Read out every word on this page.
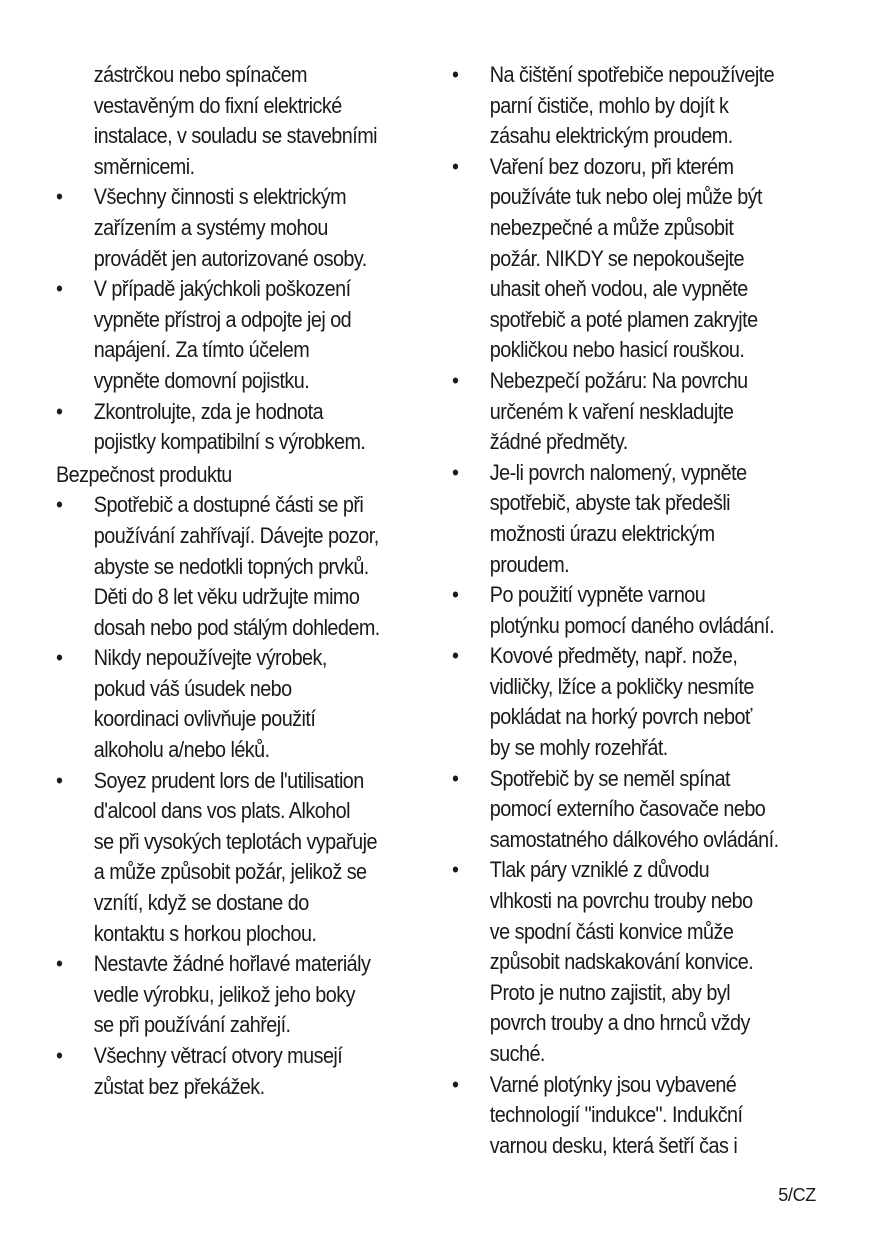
zástrčkou nebo spínačem
vestavěným do fixní elektrické
instalace, v souladu se stavebními
směrnicemi.

•	Všechny činnosti s elektrickým
zařízením a systémy mohou
provádět jen autorizované osoby.

•	V případě jakýchkoli poškození
vypněte přístroj a odpojte jej od
napájení. Za tímto účelem
vypněte domovní pojistku.

•	Zkontrolujte, zda je hodnota
pojistky kompatibilní s výrobkem.

Bezpečnost produktu

•	Spotřebič a dostupné části se při
používání zahřívají. Dávejte pozor,
abyste se nedotkli topných prvků.
Děti do 8 let věku udržujte mimo
dosah nebo pod stálým dohledem.

•	Nikdy nepoužívejte výrobek,
pokud váš úsudek nebo
koordinaci ovlivňuje použití
alkoholu a/nebo léků.

•	Soyez prudent lors de l'utilisation
d'alcool dans vos plats. Alkohol
se při vysokých teplotách vypařuje
a může způsobit požár, jelikož se
vznítí, když se dostane do
kontaktu s horkou plochou.

•	Nestavte žádné hořlavé materiály
vedle výrobku, jelikož jeho boky
se při používání zahřejí.

•	Všechny větrací otvory musejí
zůstat bez překážek.

•	Na čištění spotřebiče nepoužívejte
parní čističe, mohlo by dojít k
zásahu elektrickým proudem.

•	Vaření bez dozoru, při kterém
používáte tuk nebo olej může být
nebezpečné a může způsobit
požár. NIKDY se nepokoušejte
uhasit oheň vodou, ale vypněte
spotřebič a poté plamen zakryjte
pokličkou nebo hasicí rouškou.

•	Nebezpečí požáru: Na povrchu
určeném k vaření neskladujte
žádné předměty.

•	Je-li povrch nalomený, vypněte
spotřebič, abyste tak předešli
možnosti úrazu elektrickým
proudem.

•	Po použití vypněte varnou
plotýnku pomocí daného ovládání.

•	Kovové předměty, např. nože,
vidličky, lžíce a pokličky nesmíte
pokládat na horký povrch neboť
by se mohly rozehřát.

•	Spotřebič by se neměl spínat
pomocí externího časovače nebo
samostatného dálkového ovládání.

•	Tlak páry vzniklé z důvodu
vlhkosti na povrchu trouby nebo
ve spodní části konvice může
způsobit nadskakování konvice.
Proto je nutno zajistit, aby byl
povrch trouby a dno hrnců vždy
suché.

•	Varné plotýnky jsou vybavené
technologií "indukce". Indukční
varnou desku, která šetří čas i

5/CZ
